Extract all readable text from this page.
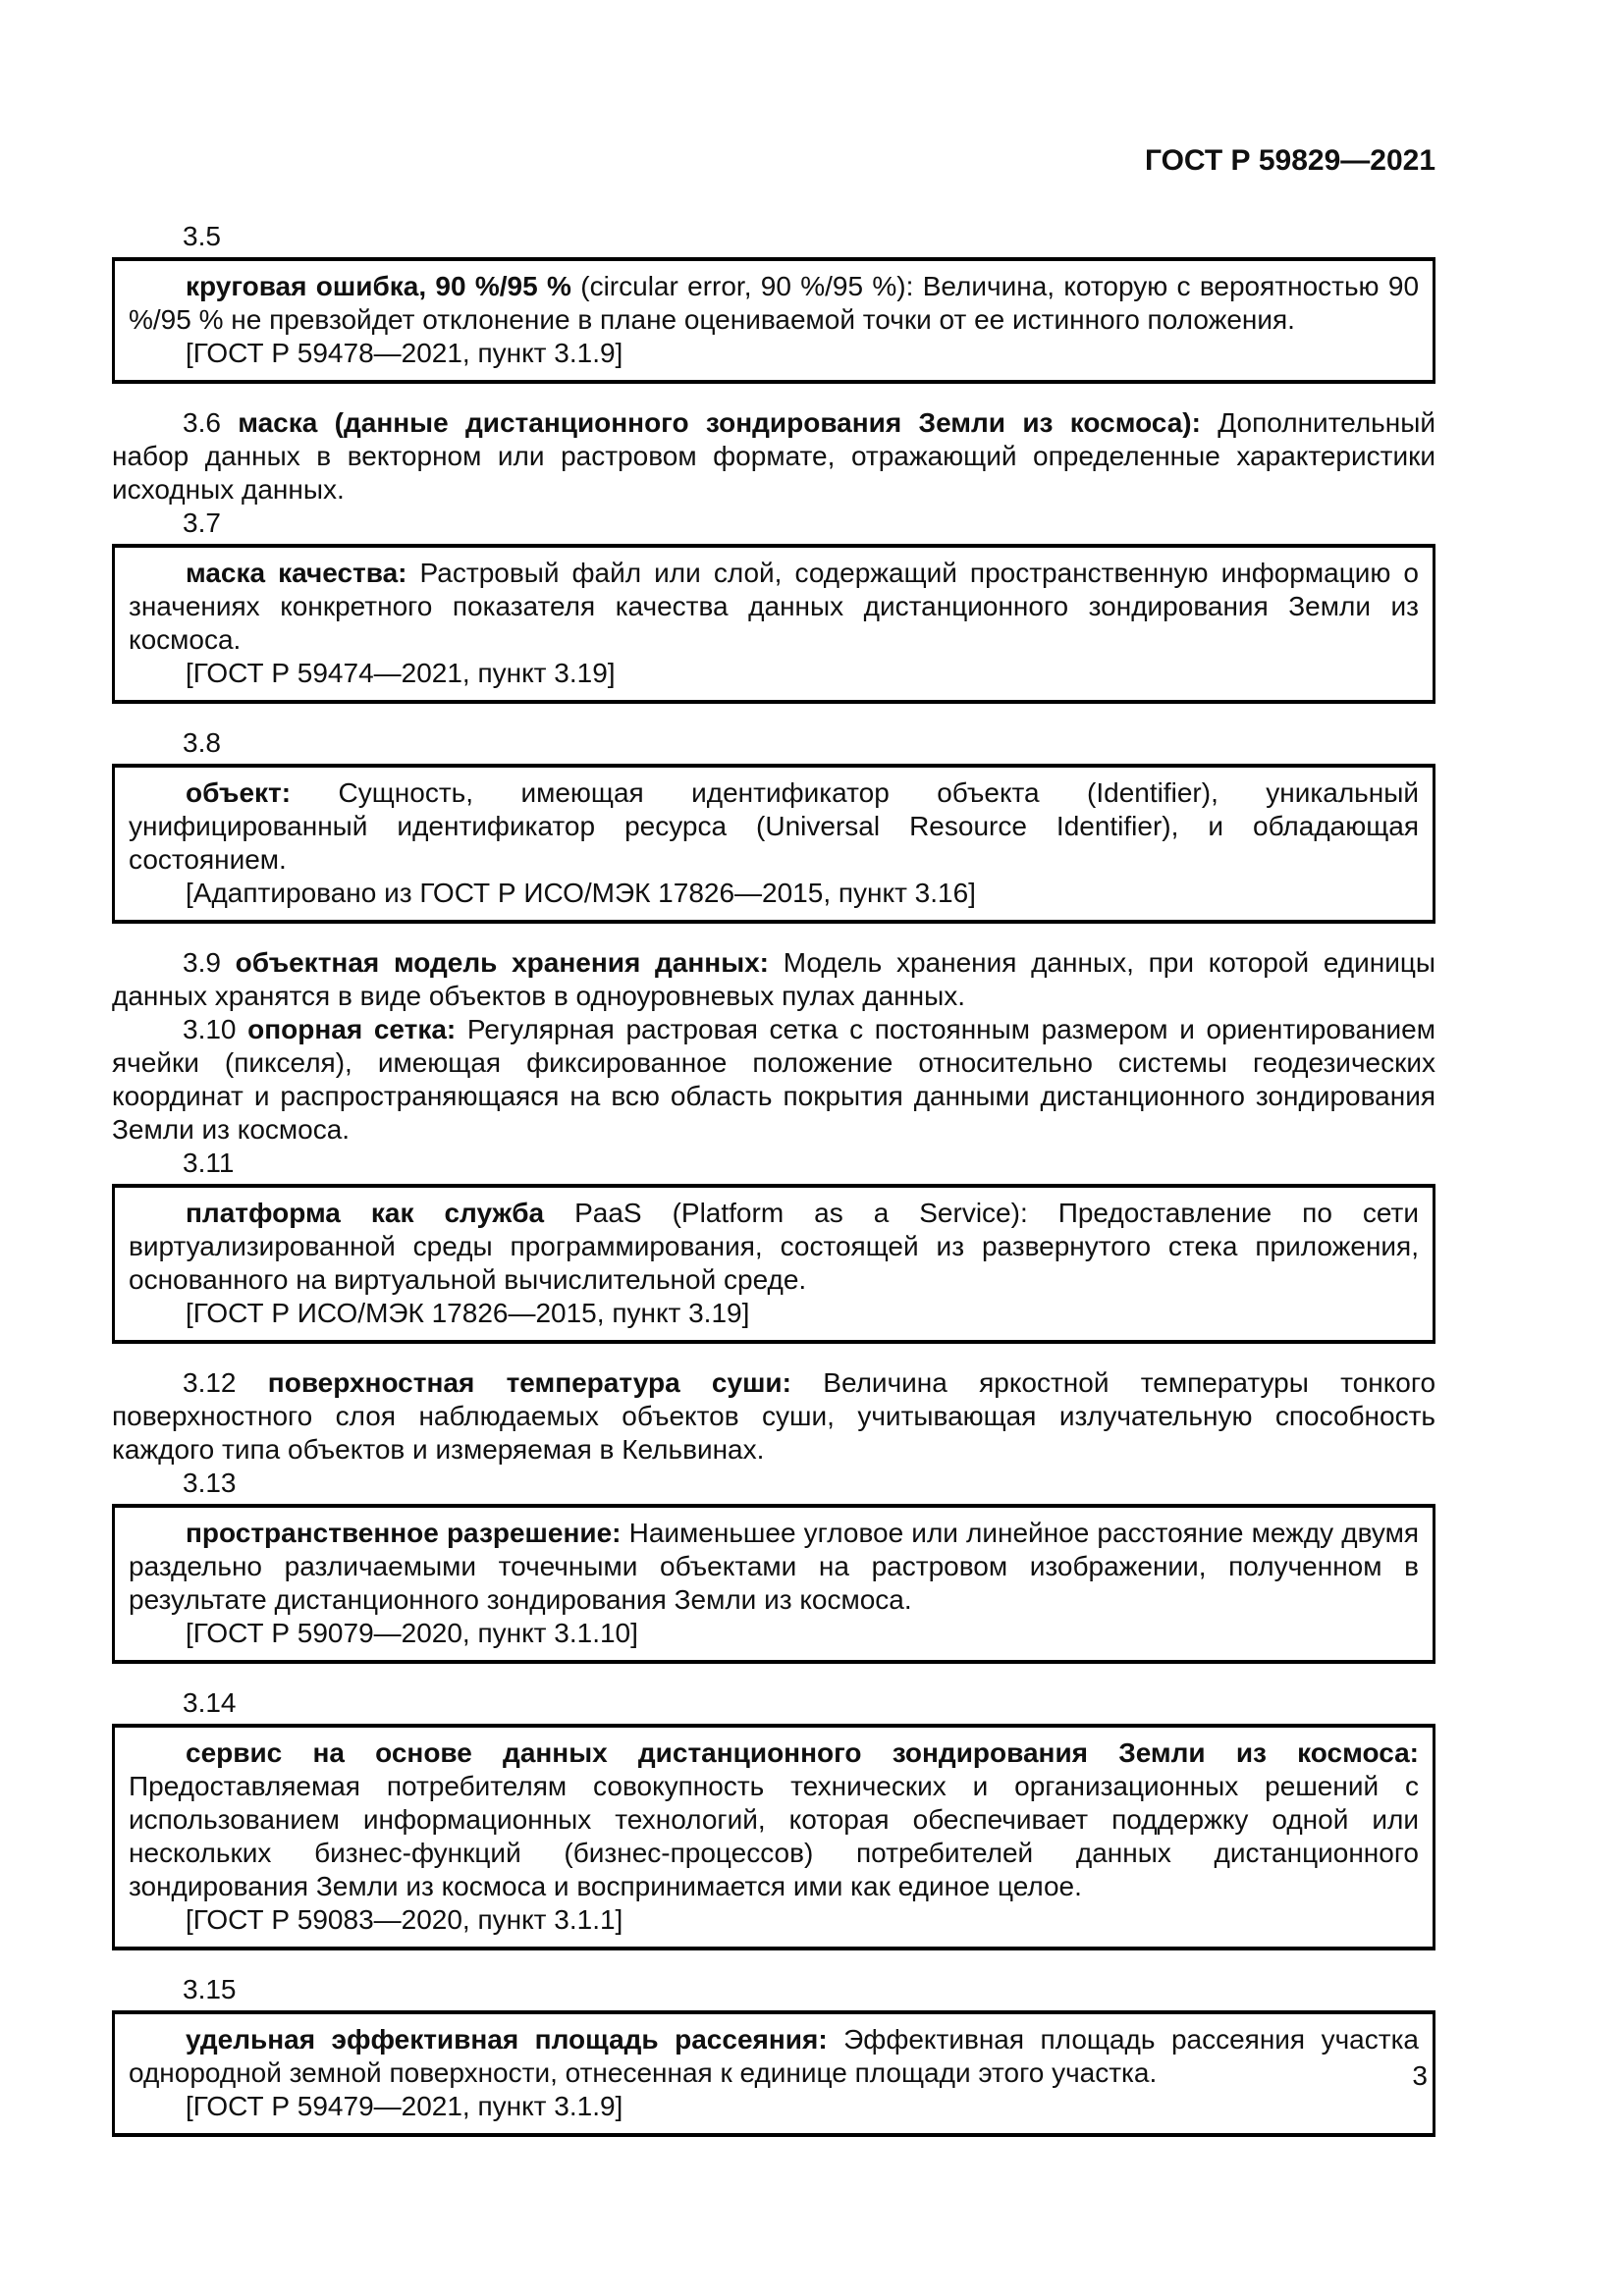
ГОСТ Р 59829—2021

3.5

круговая ошибка, 90 %/95 % (circular error, 90 %/95 %): Величина, которую с вероятностью 90 %/95 % не превзойдет отклонение в плане оцениваемой точки от ее истинного положения.

[ГОСТ Р 59478—2021, пункт 3.1.9]

3.6 маска (данные дистанционного зондирования Земли из космоса): Дополнительный набор данных в векторном или растровом формате, отражающий определенные характеристики исходных данных.

3.7

маска качества: Растровый файл или слой, содержащий пространственную информацию о значениях конкретного показателя качества данных дистанционного зондирования Земли из космоса.

[ГОСТ Р 59474—2021, пункт 3.19]

3.8

объект: Сущность, имеющая идентификатор объекта (Identifier), уникальный унифицированный идентификатор ресурса (Universal Resource Identifier), и обладающая состоянием.

[Адаптировано из ГОСТ Р ИСО/МЭК 17826—2015, пункт 3.16]

3.9 объектная модель хранения данных: Модель хранения данных, при которой единицы данных хранятся в виде объектов в одноуровневых пулах данных.

3.10 опорная сетка: Регулярная растровая сетка с постоянным размером и ориентированием ячейки (пикселя), имеющая фиксированное положение относительно системы геодезических координат и распространяющаяся на всю область покрытия данными дистанционного зондирования Земли из космоса.

3.11

платформа как служба PaaS (Platform as a Service): Предоставление по сети виртуализированной среды программирования, состоящей из развернутого стека приложения, основанного на виртуальной вычислительной среде.

[ГОСТ Р ИСО/МЭК 17826—2015, пункт 3.19]

3.12 поверхностная температура суши: Величина яркостной температуры тонкого поверхностного слоя наблюдаемых объектов суши, учитывающая излучательную способность каждого типа объектов и измеряемая в Кельвинах.

3.13

пространственное разрешение: Наименьшее угловое или линейное расстояние между двумя раздельно различаемыми точечными объектами на растровом изображении, полученном в результате дистанционного зондирования Земли из космоса.

[ГОСТ Р 59079—2020, пункт 3.1.10]

3.14

сервис на основе данных дистанционного зондирования Земли из космоса: Предоставляемая потребителям совокупность технических и организационных решений с использованием информационных технологий, которая обеспечивает поддержку одной или нескольких бизнес-функций (бизнес-процессов) потребителей данных дистанционного зондирования Земли из космоса и воспринимается ими как единое целое.

[ГОСТ Р 59083—2020, пункт 3.1.1]

3.15

удельная эффективная площадь рассеяния: Эффективная площадь рассеяния участка однородной земной поверхности, отнесенная к единице площади этого участка.

[ГОСТ Р 59479—2021, пункт 3.1.9]

3
